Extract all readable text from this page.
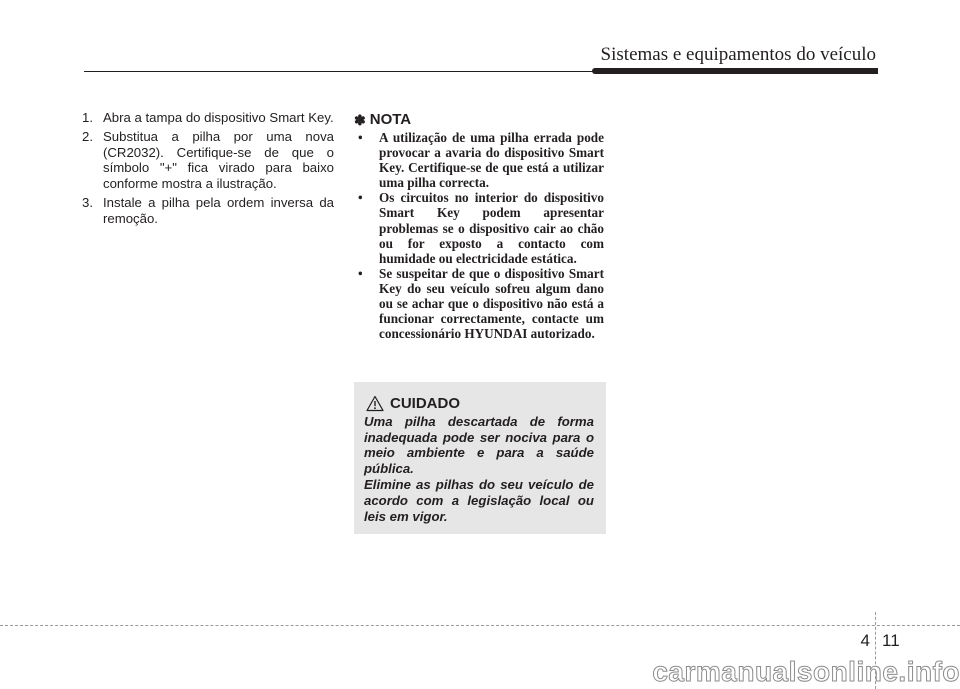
Sistemas e equipamentos do veículo
1. Abra a tampa do dispositivo Smart Key.
2. Substitua a pilha por uma nova (CR2032). Certifique-se de que o símbolo "+" fica virado para baixo conforme mostra a ilustração.
3. Instale a pilha pela ordem inversa da remoção.
✽ NOTA
• A utilização de uma pilha errada pode provocar a avaria do dispositivo Smart Key. Certifique-se de que está a utilizar uma pilha correcta.
• Os circuitos no interior do dispositivo Smart Key podem apresentar problemas se o dispositivo cair ao chão ou for exposto a contacto com humidade ou electricidade estática.
• Se suspeitar de que o dispositivo Smart Key do seu veículo sofreu algum dano ou se achar que o dispositivo não está a funcionar correctamente, contacte um concessionário HYUNDAI autorizado.
CUIDADO

Uma pilha descartada de forma inadequada pode ser nociva para o meio ambiente e para a saúde pública.

Elimine as pilhas do seu veículo de acordo com a legislação local ou leis em vigor.

4 11
carmanualsonline.info
